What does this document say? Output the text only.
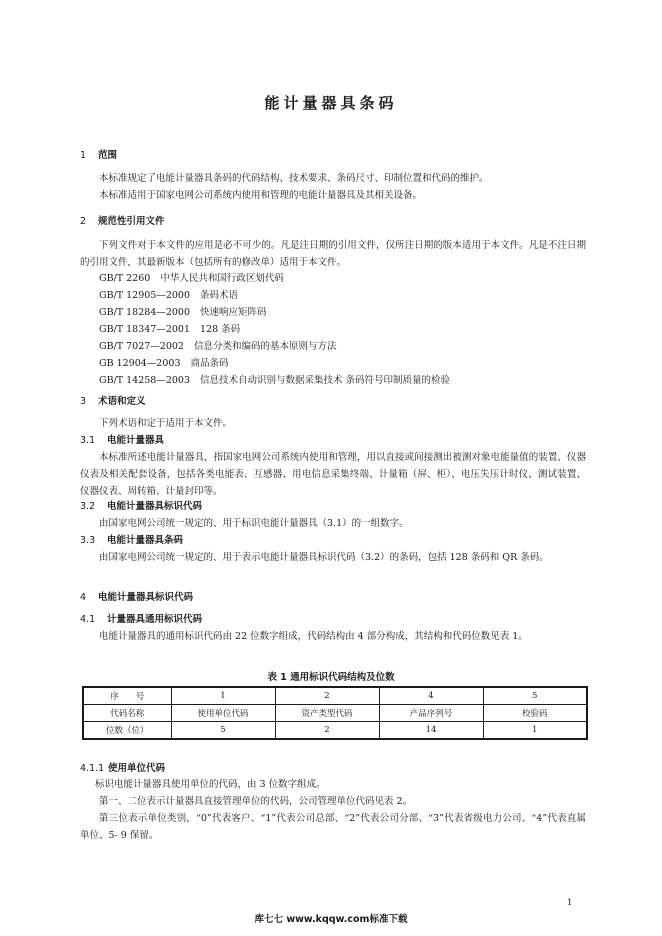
能计量器具条码
1 范围
本标准规定了电能计量器具条码的代码结构、技术要求、条码尺寸、印制位置和代码的维护。
本标准适用于国家电网公司系统内使用和管理的电能计量器具及其相关设备。
2 规范性引用文件
下列文件对于本文件的应用是必不可少的。凡是注日期的引用文件，仅所注日期的版本适用于本文件。凡是不注日期的引用文件，其最新版本（包括所有的修改单）适用于本文件。
GB/T 2260 中华人民共和国行政区划代码
GB/T 12905—2000 条码术语
GB/T 18284—2000 快速响应矩阵码
GB/T 18347—2001 128 条码
GB/T 7027—2002 信息分类和编码的基本原则与方法
GB 12904—2003 商品条码
GB/T 14258—2003 信息技术自动识别与数据采集技术 条码符号印制质量的检验
3 术语和定义
下列术语和定于适用于本文件。
3.1 电能计量器具
本标准所述电能计量器具，指国家电网公司系统内使用和管理，用以直接或间接测出被测对象电能量值的装置、仪器仪表及相关配套设备，包括各类电能表、互感器、用电信息采集终端、计量箱（屏、柜）、电压失压计时仪、测试装置、仪器仪表、周转箱、计量封印等。
3.2 电能计量器具标识代码
由国家电网公司统一规定的、用于标识电能计量器具（3.1）的一组数字。
3.3 电能计量器具条码
由国家电网公司统一规定的、用于表示电能计量器具标识代码（3.2）的条码，包括 128 条码和 QR 条码。
4 电能计量器具标识代码
4.1 计量器具通用标识代码
电能计量器具的通用标识代码由 22 位数字组成，代码结构由 4 部分构成，其结构和代码位数见表 1。
表 1 通用标识代码结构及位数
序　　号	1	2	4	5
代码名称	使用单位代码	资产类型代码	产品序列号	校验码
位数（位）	5	2	14	1
4.1.1 使用单位代码
标识电能计量器具使用单位的代码，由 3 位数字组成。
第一、二位表示计量器具直接管理单位的代码，公司管理单位代码见表 2。
第三位表示单位类别，“0”代表客户、“1”代表公司总部、“2”代表公司分部、“3”代表省级电力公司、“4”代表直属单位、5- 9 保留。
1
库七七 www.kqqw.com标准下载
